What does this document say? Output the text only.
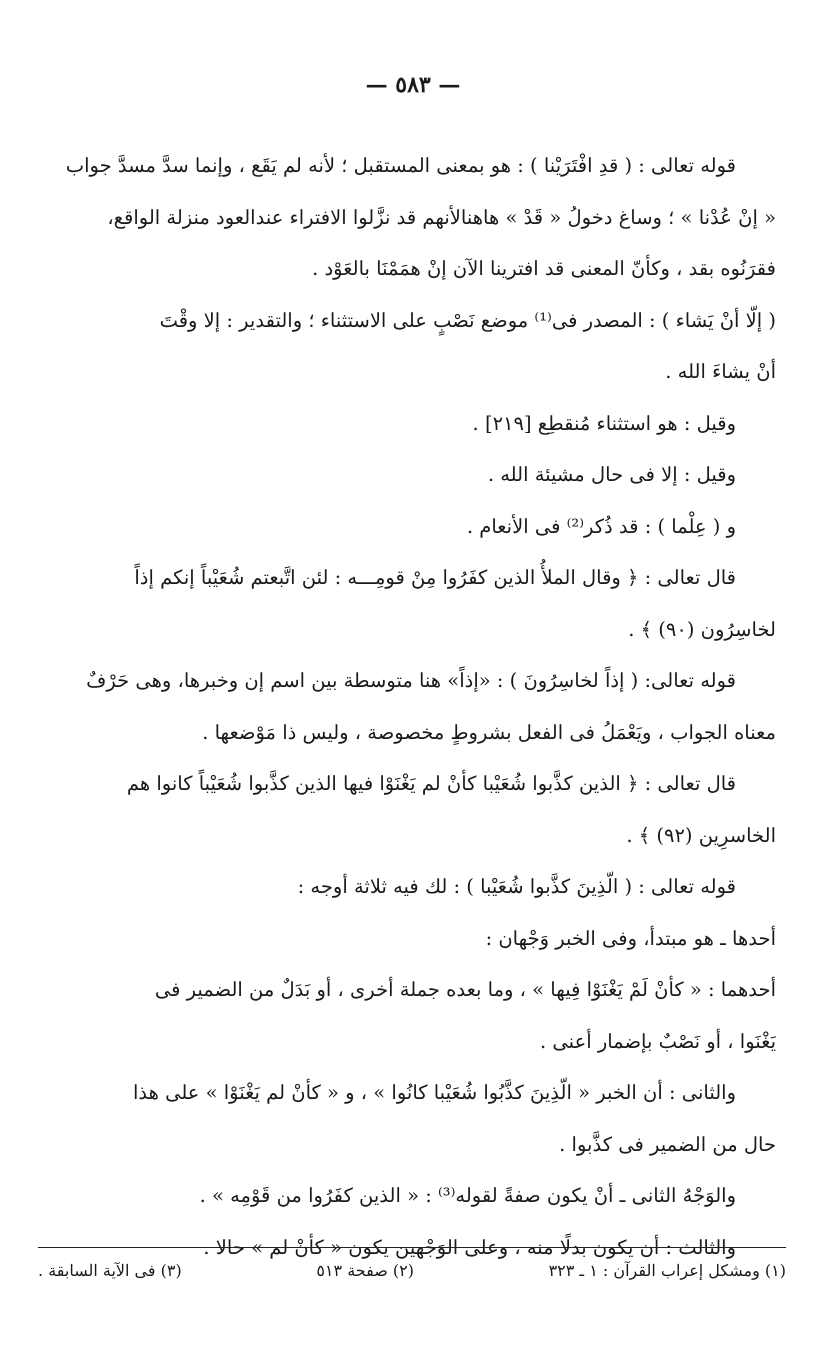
— ٥٨٣ —
قوله تعالى : ( قدِ افْتَرَيْنا ) : هو بمعنى المستقبل ؛ لأنه لم يَقَع ، وإنما سدَّ مسدَّ جواب
« إنْ عُدْنا » ؛ وساغ دخولُ « قَدْ » هاهنالأنهم قد نزَّلوا الافتراء عندالعود منزلة الواقع،
فقرَنُوه بقد ، وكأنّ المعنى قد افترينا الآن إنْ همَمْنَا بالعَوْد .
( إلّا أنْ يَشاء ) : المصدر فى⁽¹⁾ موضع نَصْبٍ على الاستثناء ؛ والتقدير : إلا وقْتَ
أنْ يشاءَ الله .
وقيل : هو استثناء مُنقطِع [٢١٩] .
وقيل : إلا فى حال مشيئة الله .
و ( عِلْما ) : قد ذُكر⁽²⁾ فى الأنعام .
قال تعالى : ﴿ وقال الملأُ الذين كفَرُوا مِنْ قومِـــه : لئن اتَّبعتم شُعَيْباً إنكم إذاً
لخاسِرُون (٩٠) ﴾ .
قوله تعالى: ( إذاً لخاسِرُونَ ) : «إذاً» هنا متوسطة بين اسم إن وخبرها، وهى حَرْفٌ
معناه الجواب ، ويَعْمَلُ فى الفعل بشروطٍ مخصوصة ، وليس ذا مَوْضعها .
قال تعالى : ﴿ الذين كذَّبوا شُعَيْبا كأنْ لم يَغْنَوْا فيها الذين كذَّبوا شُعَيْباً كانوا هم
الخاسرِين (٩٢) ﴾ .
قوله تعالى : ( الّذِينَ كذَّبوا شُعَيْبا ) : لك فيه ثلاثة أوجه :
أحدها ـ هو مبتدأ، وفى الخبر وَجْهان :
أحدهما : « كأنْ لَمْ يَغْنَوْا فِيها » ، وما بعده جملة أخرى ، أو بَدَلٌ من الضمير فى
يَغْنَوا ، أو نَصْبٌ بإضمار أعنى .
والثانى : أن الخبر « الّذِينَ كذَّبُوا شُعَيْبا كانُوا » ، و « كأنْ لم يَغْنَوْا » على هذا
حال من الضمير فى كذَّبوا .
والوَجْهُ الثانى ـ أنْ يكون صفةً لقوله⁽³⁾ : « الذين كفَرُوا من قَوْمِه » .
والثالث : أن يكون بدلًا منه ، وعلى الوَجْهين يكون « كأنْ لم » حالا .
(١) ومشكل إعراب القرآن : ١ ـ ٣٢٣
(٢) صفحة ٥١٣
(٣) فى الآية السابقة .
